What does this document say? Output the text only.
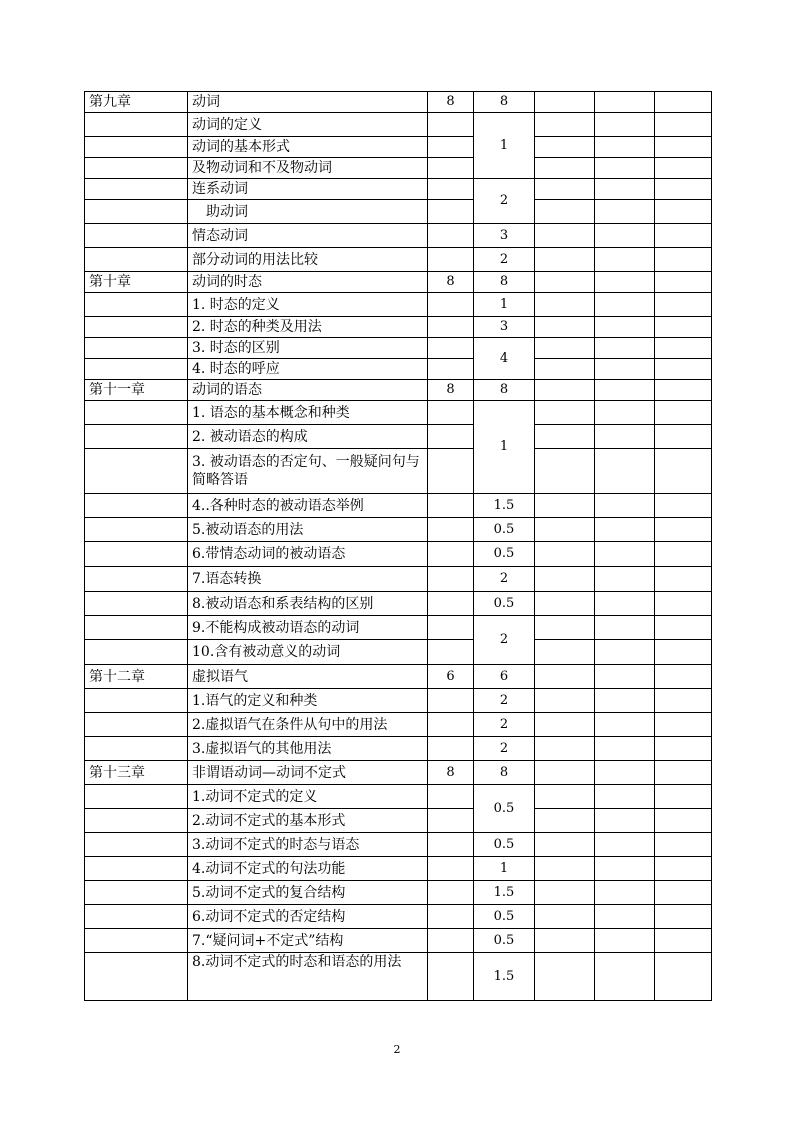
第九章	动词	8	8			
	动词的定义		1			
	动词的基本形式					
	及物动词和不及物动词					
	连系动词		2			
	助动词					
	情态动词		3			
	部分动词的用法比较		2			
第十章	动词的时态	8	8			
	1. 时态的定义		1			
	2. 时态的种类及用法		3			
	3. 时态的区别		4			
	4. 时态的呼应					
第十一章	动词的语态	8	8			
	1. 语态的基本概念和种类		1			
	2. 被动语态的构成					
	3. 被动语态的否定句、一般疑问句与简略答语					
	4..各种时态的被动语态举例		1.5			
	5.被动语态的用法		0.5			
	6.带情态动词的被动语态		0.5			
	7.语态转换		2			
	8.被动语态和系表结构的区别		0.5			
	9.不能构成被动语态的动词		2			
	10.含有被动意义的动词					
第十二章	虚拟语气	6	6			
	1.语气的定义和种类		2			
	2.虚拟语气在条件从句中的用法		2			
	3.虚拟语气的其他用法		2			
第十三章	非谓语动词—动词不定式	8	8			
	1.动词不定式的定义		0.5			
	2.动词不定式的基本形式					
	3.动词不定式的时态与语态		0.5			
	4.动词不定式的句法功能		1			
	5.动词不定式的复合结构		1.5			
	6.动词不定式的否定结构		0.5			
	7.“疑问词+不定式”结构		0.5			
	8.动词不定式的时态和语态的用法		1.5			
2
